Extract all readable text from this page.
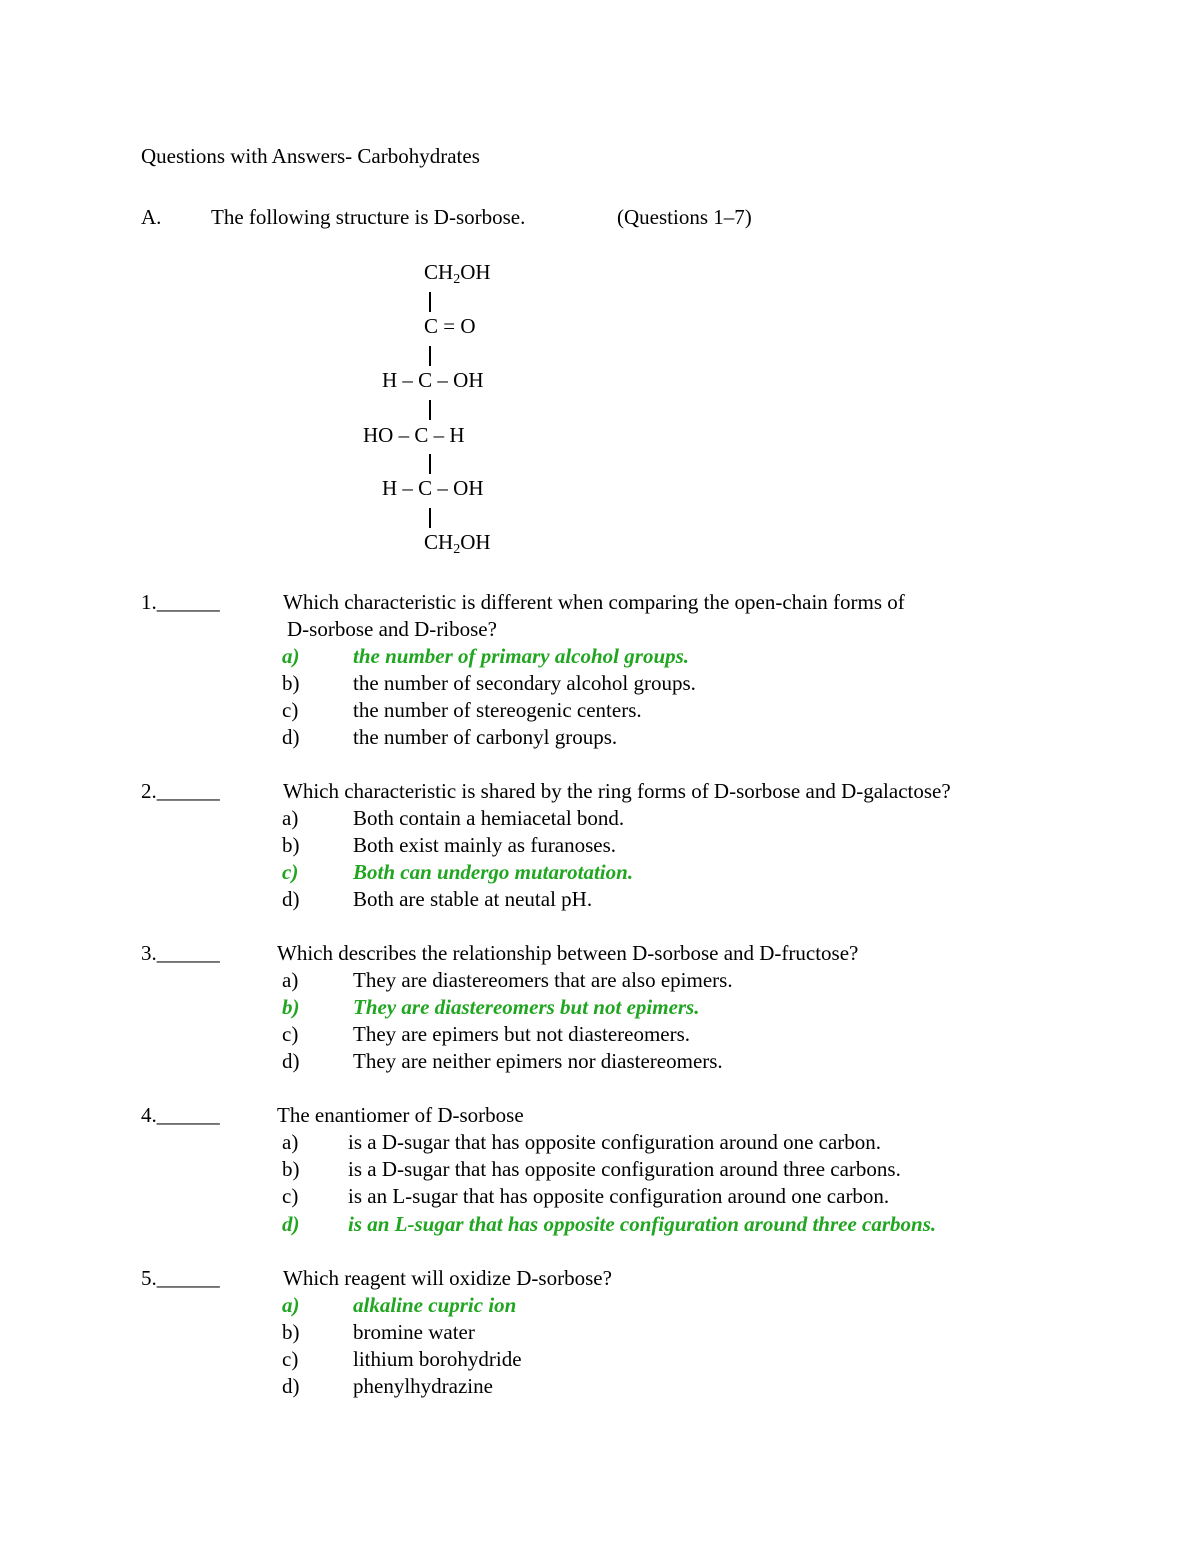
Questions with Answers- Carbohydrates
A. The following structure is D-sorbose.	(Questions 1–7)
$CH_2OH$
C = O
H – C – OH
HO – C – H
H – C – OH
$CH_2OH$
1.______	Which characteristic is different when comparing the open-chain forms of
D-sorbose and D-ribose?
a)	the number of primary alcohol groups.
b)	the number of secondary alcohol groups.
c)	the number of stereogenic centers.
d)	the number of carbonyl groups.
2.______	Which characteristic is shared by the ring forms of D-sorbose and D-galactose?
a)	Both contain a hemiacetal bond.
b)	Both exist mainly as furanoses.
c)	Both can undergo mutarotation.
d)	Both are stable at neutal pH.
3.______	Which describes the relationship between D-sorbose and D-fructose?
a)	They are diastereomers that are also epimers.
b)	They are diastereomers but not epimers.
c)	They are epimers but not diastereomers.
d)	They are neither epimers nor diastereomers.
4.______	The enantiomer of D-sorbose
a) is a D-sugar that has opposite configuration around one carbon.
b) is a D-sugar that has opposite configuration around three carbons.
c) is an L-sugar that has opposite configuration around one carbon.
d) is an L-sugar that has opposite configuration around three carbons.
5.______	Which reagent will oxidize D-sorbose?
a)	alkaline cupric ion
b)	bromine water
c)	lithium borohydride
d)	phenylhydrazine
